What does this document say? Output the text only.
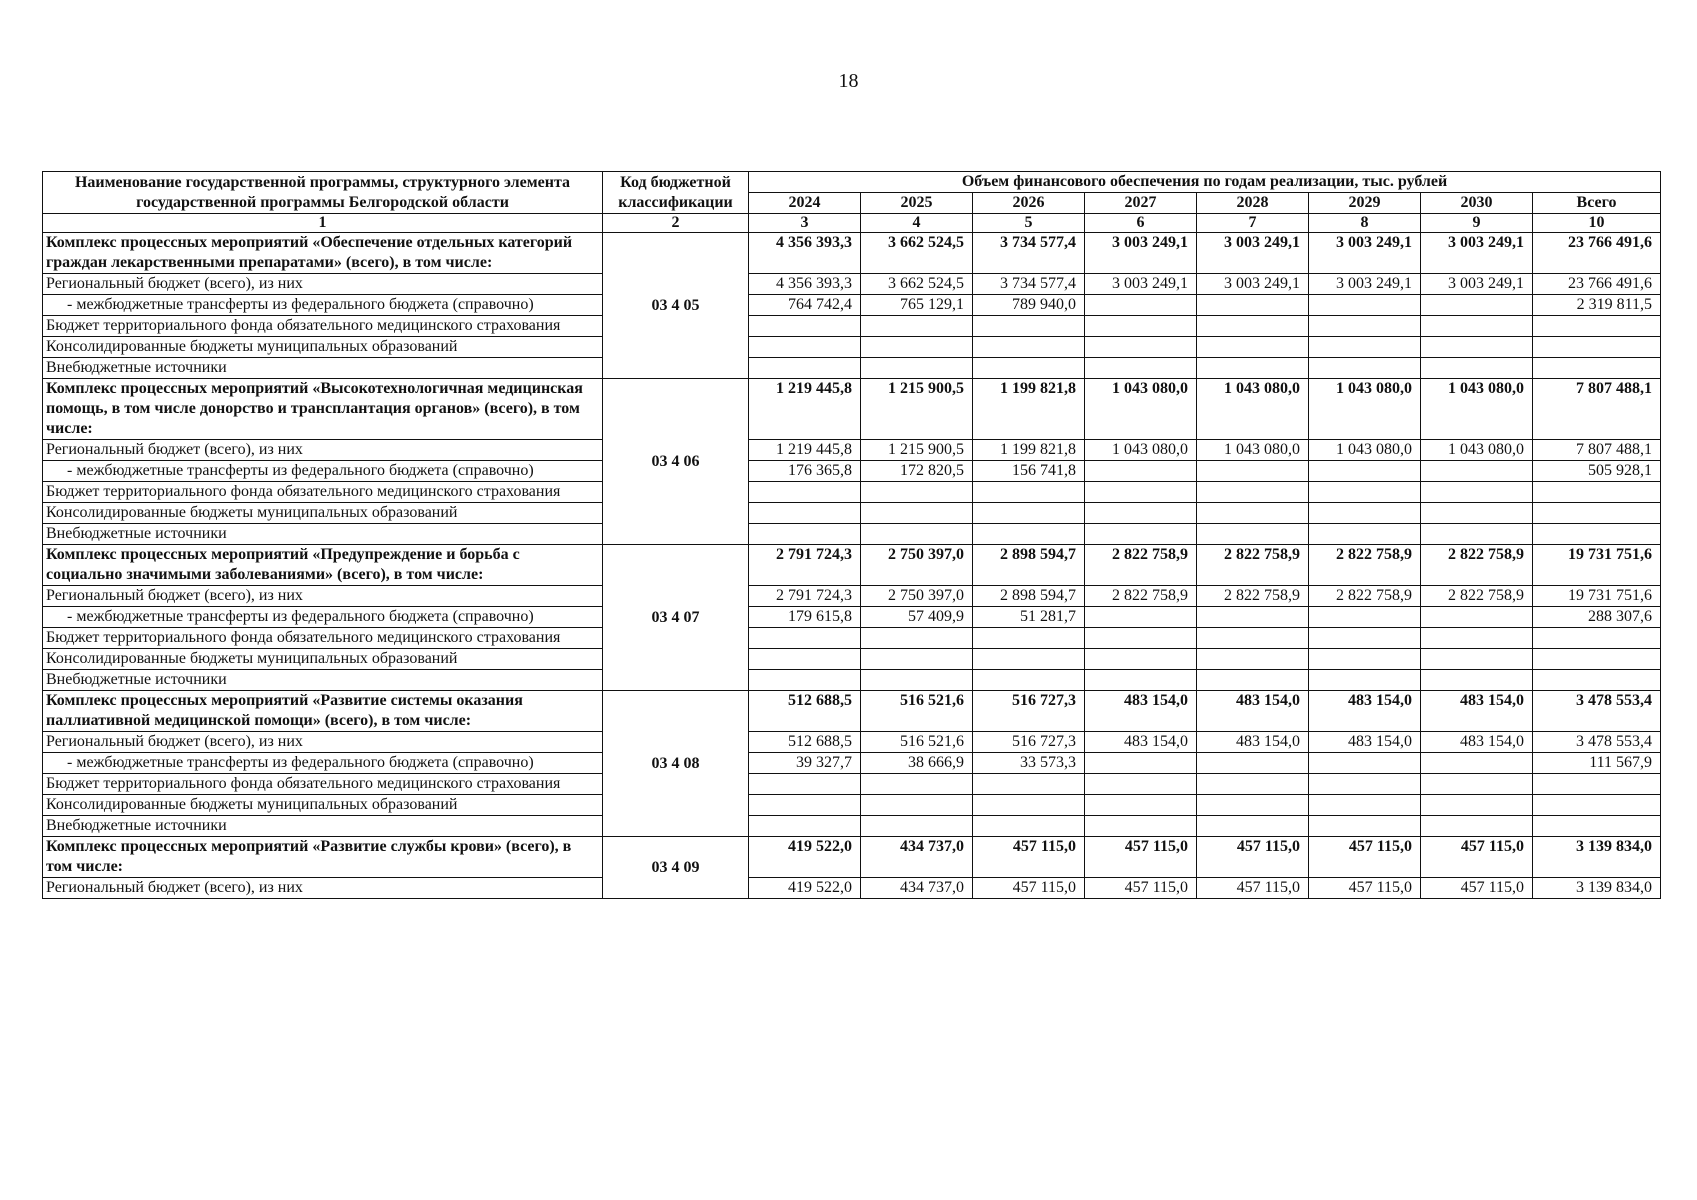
18
Наименование государственной программы, структурного элемента государственной программы Белгородской области	Код бюджетной классификации	Объем финансового обеспечения по годам реализации, тыс. рублей							
		2024	2025	2026	2027	2028	2029	2030	Всего
1	2	3	4	5	6	7	8	9	10
Комплекс процессных мероприятий «Обеспечение отдельных категорий граждан лекарственными препаратами» (всего), в том числе:	03 4 05	4 356 393,3	3 662 524,5	3 734 577,4	3 003 249,1	3 003 249,1	3 003 249,1	3 003 249,1	23 766 491,6
Региональный бюджет (всего), из них		4 356 393,3	3 662 524,5	3 734 577,4	3 003 249,1	3 003 249,1	3 003 249,1	3 003 249,1	23 766 491,6
- межбюджетные трансферты из федерального бюджета (справочно)		764 742,4	765 129,1	789 940,0					2 319 811,5
Бюджет территориального фонда обязательного медицинского страхования									
Консолидированные бюджеты муниципальных образований									
Внебюджетные источники									
Комплекс процессных мероприятий «Высокотехнологичная медицинская помощь, в том числе донорство и трансплантация органов» (всего), в том числе:	03 4 06	1 219 445,8	1 215 900,5	1 199 821,8	1 043 080,0	1 043 080,0	1 043 080,0	1 043 080,0	7 807 488,1
Региональный бюджет (всего), из них		1 219 445,8	1 215 900,5	1 199 821,8	1 043 080,0	1 043 080,0	1 043 080,0	1 043 080,0	7 807 488,1
- межбюджетные трансферты из федерального бюджета (справочно)		176 365,8	172 820,5	156 741,8					505 928,1
Бюджет территориального фонда обязательного медицинского страхования									
Консолидированные бюджеты муниципальных образований									
Внебюджетные источники									
Комплекс процессных мероприятий «Предупреждение и борьба с социально значимыми заболеваниями» (всего), в том числе:	03 4 07	2 791 724,3	2 750 397,0	2 898 594,7	2 822 758,9	2 822 758,9	2 822 758,9	2 822 758,9	19 731 751,6
Региональный бюджет (всего), из них		2 791 724,3	2 750 397,0	2 898 594,7	2 822 758,9	2 822 758,9	2 822 758,9	2 822 758,9	19 731 751,6
- межбюджетные трансферты из федерального бюджета (справочно)		179 615,8	57 409,9	51 281,7					288 307,6
Бюджет территориального фонда обязательного медицинского страхования									
Консолидированные бюджеты муниципальных образований									
Внебюджетные источники									
Комплекс процессных мероприятий «Развитие системы оказания паллиативной медицинской помощи» (всего), в том числе:	03 4 08	512 688,5	516 521,6	516 727,3	483 154,0	483 154,0	483 154,0	483 154,0	3 478 553,4
Региональный бюджет (всего), из них		512 688,5	516 521,6	516 727,3	483 154,0	483 154,0	483 154,0	483 154,0	3 478 553,4
- межбюджетные трансферты из федерального бюджета (справочно)		39 327,7	38 666,9	33 573,3					111 567,9
Бюджет территориального фонда обязательного медицинского страхования									
Консолидированные бюджеты муниципальных образований									
Внебюджетные источники									
Комплекс процессных мероприятий «Развитие службы крови» (всего), в том числе:	03 4 09	419 522,0	434 737,0	457 115,0	457 115,0	457 115,0	457 115,0	457 115,0	3 139 834,0
Региональный бюджет (всего), из них		419 522,0	434 737,0	457 115,0	457 115,0	457 115,0	457 115,0	457 115,0	3 139 834,0
